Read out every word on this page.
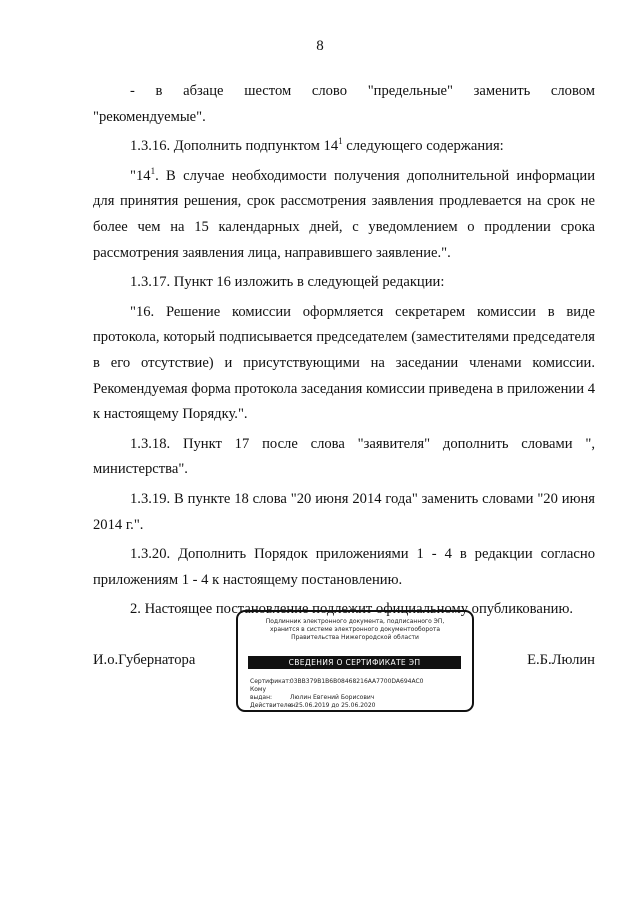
8

- в абзаце шестом слово "предельные" заменить словом

"рекомендуемые".

1.3.16. Дополнить подпунктом $14^1$ следующего содержания:

"$14^1$. В случае необходимости получения дополнительной информации для принятия решения, срок рассмотрения заявления продлевается на срок не более чем на 15 календарных дней, с уведомлением о продлении срока рассмотрения заявления лица, направившего заявление.".

1.3.17. Пункт 16 изложить в следующей редакции:

"16. Решение комиссии оформляется секретарем комиссии в виде протокола, который подписывается председателем (заместителями председателя в его отсутствие) и присутствующими на заседании членами комиссии. Рекомендуемая форма протокола заседания комиссии приведена в приложении 4 к настоящему Порядку.".

1.3.18. Пункт 17 после слова "заявителя" дополнить словами ", министерства".

1.3.19. В пункте 18 слова "20 июня 2014 года" заменить словами "20 июня 2014 г.".

1.3.20. Дополнить Порядок приложениями 1 - 4 в редакции согласно приложениям 1 - 4 к настоящему постановлению.

2. Настоящее постановление подлежит официальному опубликованию.

И.о.Губернатора	Е.Б.Люлин
Подлинник электронного документа, подписанного ЭП,
хранится в системе электронного документооборота
Правительства Нижегородской области
СВЕДЕНИЯ О СЕРТИФИКАТЕ ЭП
Сертификат: 03BB379B1B6B08468216AA7700DA694AC0
Кому выдан:	Люлин Евгений Борисович
Действителен: с 25.06.2019 до 25.06.2020
